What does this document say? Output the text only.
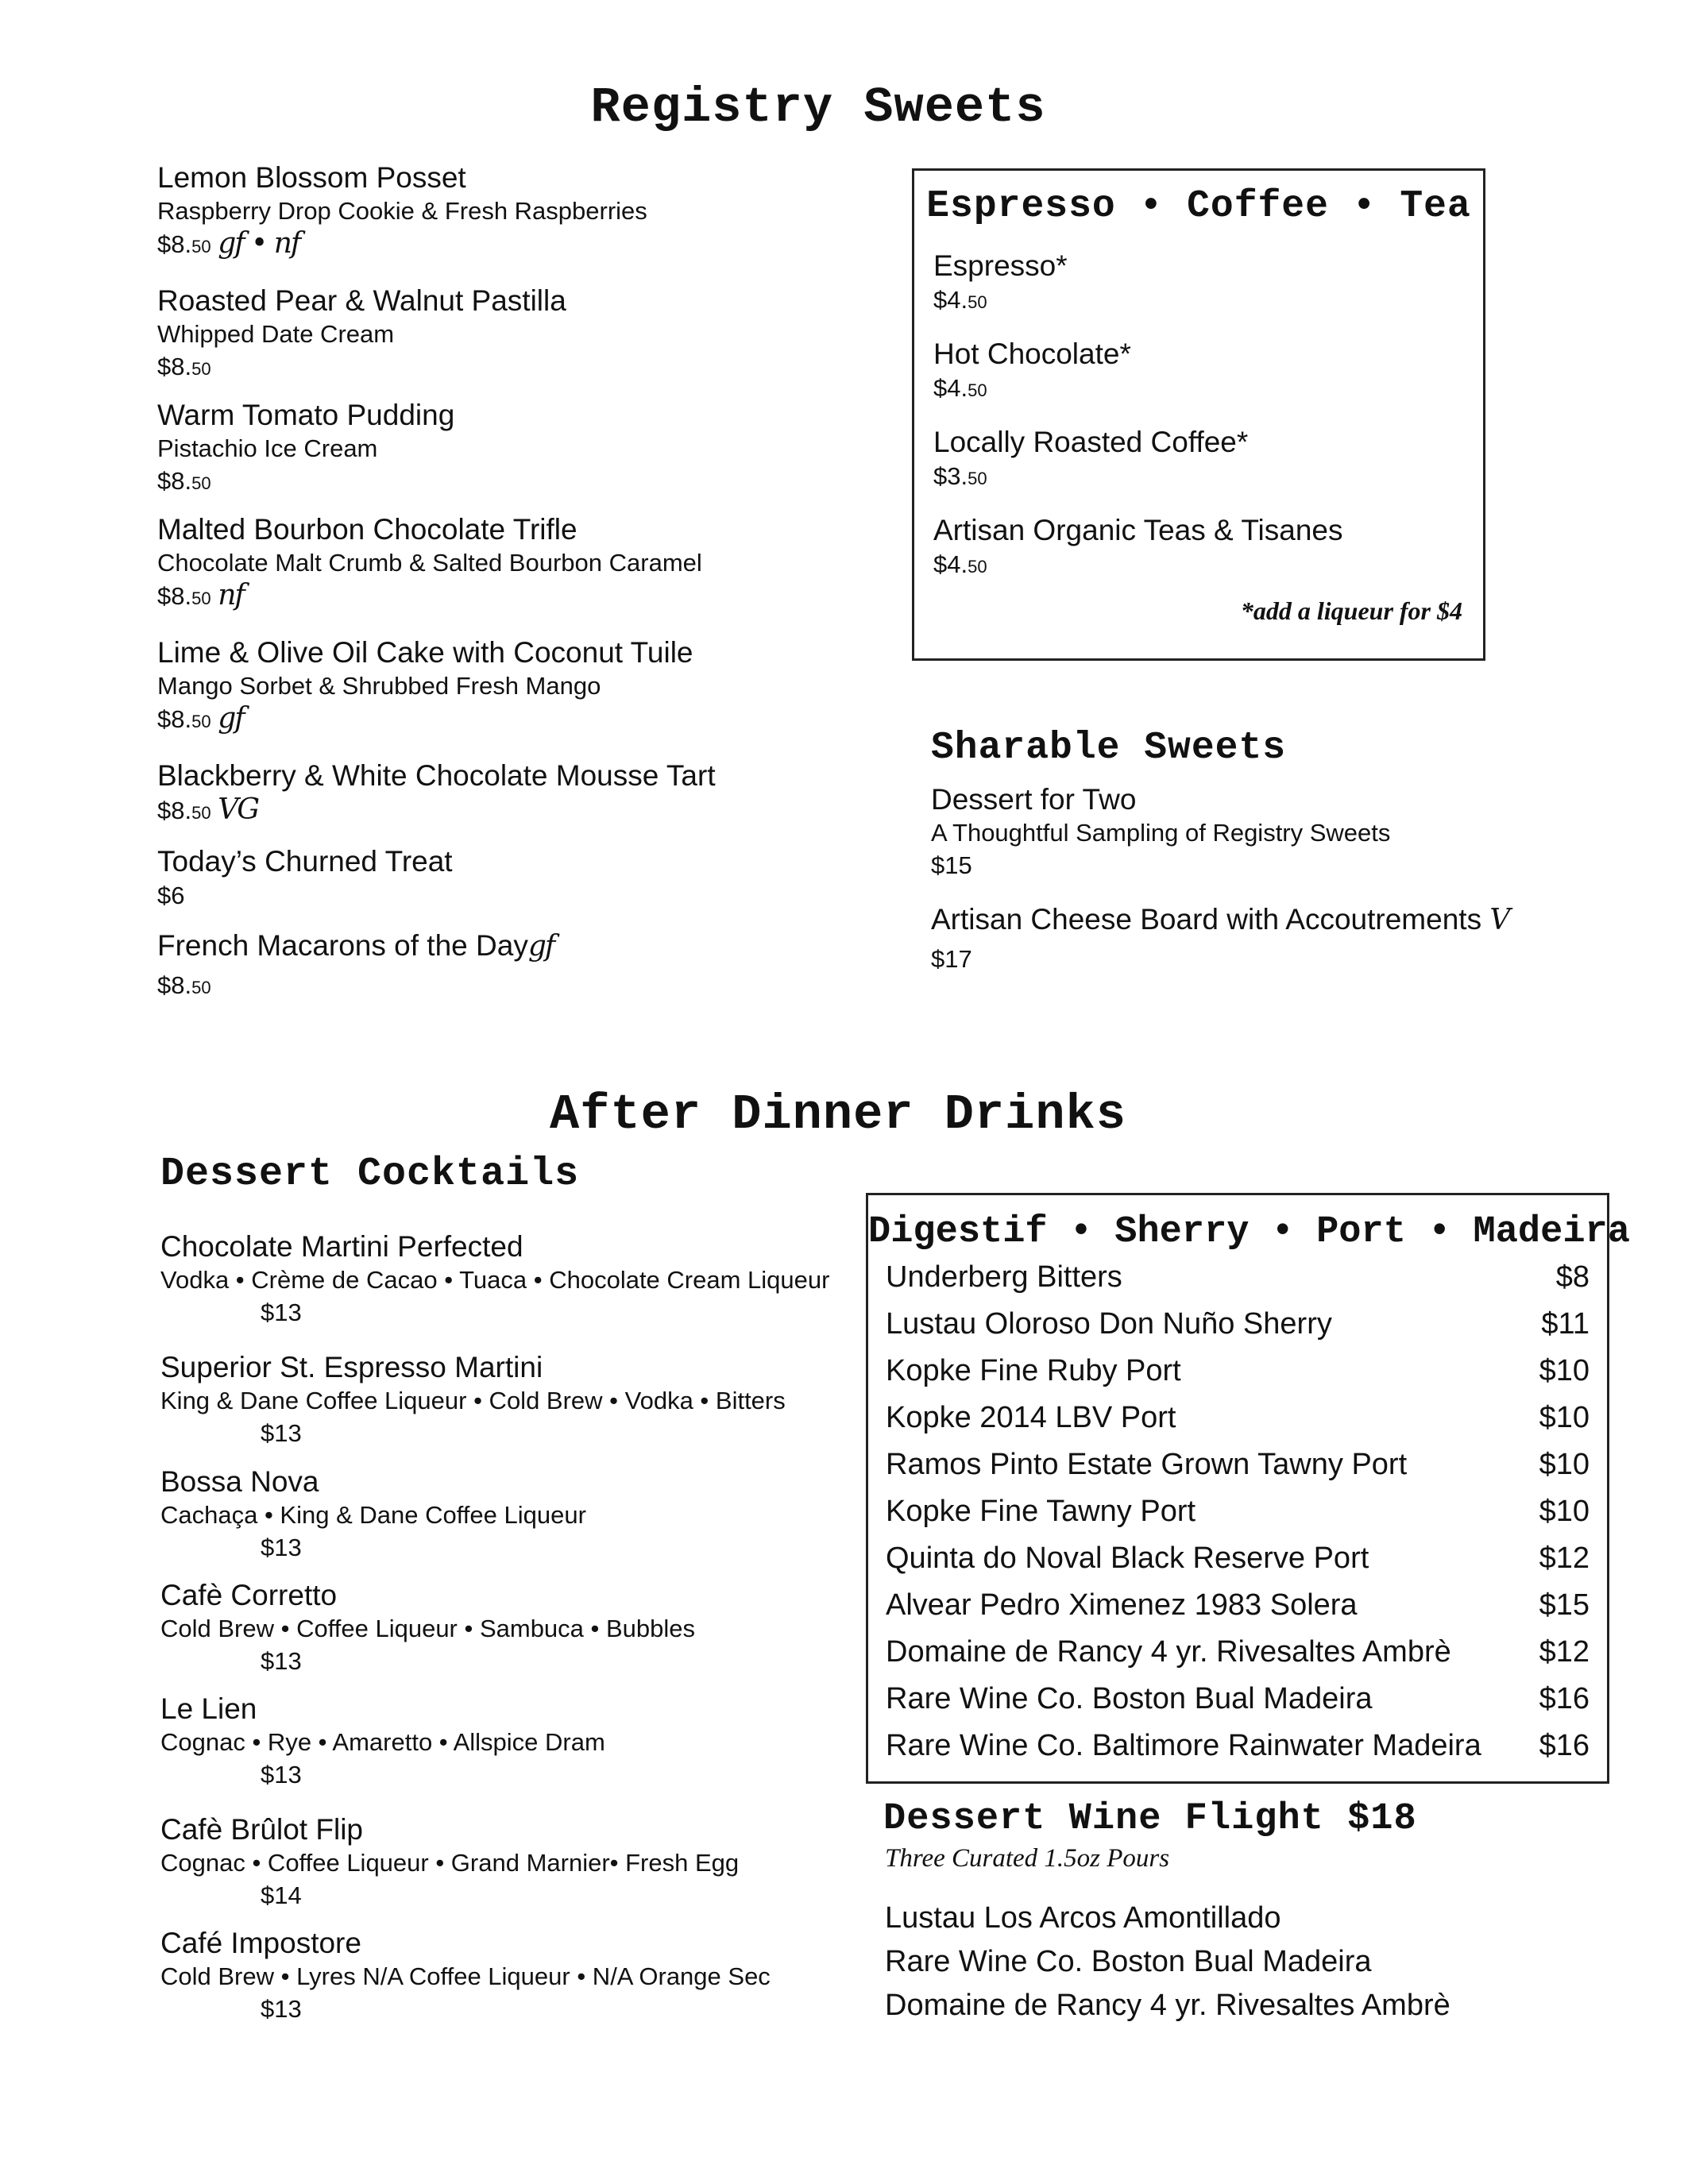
Registry Sweets
Lemon Blossom Posset
Raspberry Drop Cookie & Fresh Raspberries
$8.50 gf • nf
Roasted Pear & Walnut Pastilla
Whipped Date Cream
$8.50
Warm Tomato Pudding
Pistachio Ice Cream
$8.50
Malted Bourbon Chocolate Trifle
Chocolate Malt Crumb & Salted Bourbon Caramel
$8.50 nf
Lime & Olive Oil Cake with Coconut Tuile
Mango Sorbet & Shrubbed Fresh Mango
$8.50 gf
Blackberry & White Chocolate Mousse Tart
$8.50 VG
Today’s Churned Treat
$6
French Macarons of the Daygf
$8.50
Espresso • Coffee • Tea
Espresso*
$4.50
Hot Chocolate*
$4.50
Locally Roasted Coffee*
$3.50
Artisan Organic Teas & Tisanes
$4.50
*add a liqueur for $4
Sharable Sweets
Dessert for Two
A Thoughtful Sampling of Registry Sweets
$15
Artisan Cheese Board with Accoutrements V
$17
After Dinner Drinks
Dessert Cocktails
Chocolate Martini Perfected
Vodka • Crème de Cacao • Tuaca • Chocolate Cream Liqueur
$13
Superior St. Espresso Martini
King & Dane Coffee Liqueur • Cold Brew • Vodka • Bitters
$13
Bossa Nova
Cachaça • King & Dane Coffee Liqueur
$13
Cafè Corretto
Cold Brew • Coffee Liqueur • Sambuca • Bubbles
$13
Le Lien
Cognac • Rye • Amaretto • Allspice Dram
$13
Cafè Brûlot Flip
Cognac • Coffee Liqueur • Grand Marnier• Fresh Egg
$14
Café Impostore
Cold Brew • Lyres N/A Coffee Liqueur • N/A Orange Sec
$13
Digestif • Sherry • Port • Madeira
Underberg Bitters	$8
Lustau Oloroso Don Nuño Sherry	$11
Kopke Fine Ruby Port	$10
Kopke 2014 LBV Port	$10
Ramos Pinto Estate Grown Tawny Port	$10
Kopke Fine Tawny Port	$10
Quinta do Noval Black Reserve Port	$12
Alvear Pedro Ximenez 1983 Solera	$15
Domaine de Rancy 4 yr. Rivesaltes Ambrè	$12
Rare Wine Co. Boston Bual Madeira	$16
Rare Wine Co. Baltimore Rainwater Madeira $16
Dessert Wine Flight $18
Three Curated 1.5oz Pours
Lustau Los Arcos Amontillado
Rare Wine Co. Boston Bual Madeira
Domaine de Rancy 4 yr. Rivesaltes Ambrè
